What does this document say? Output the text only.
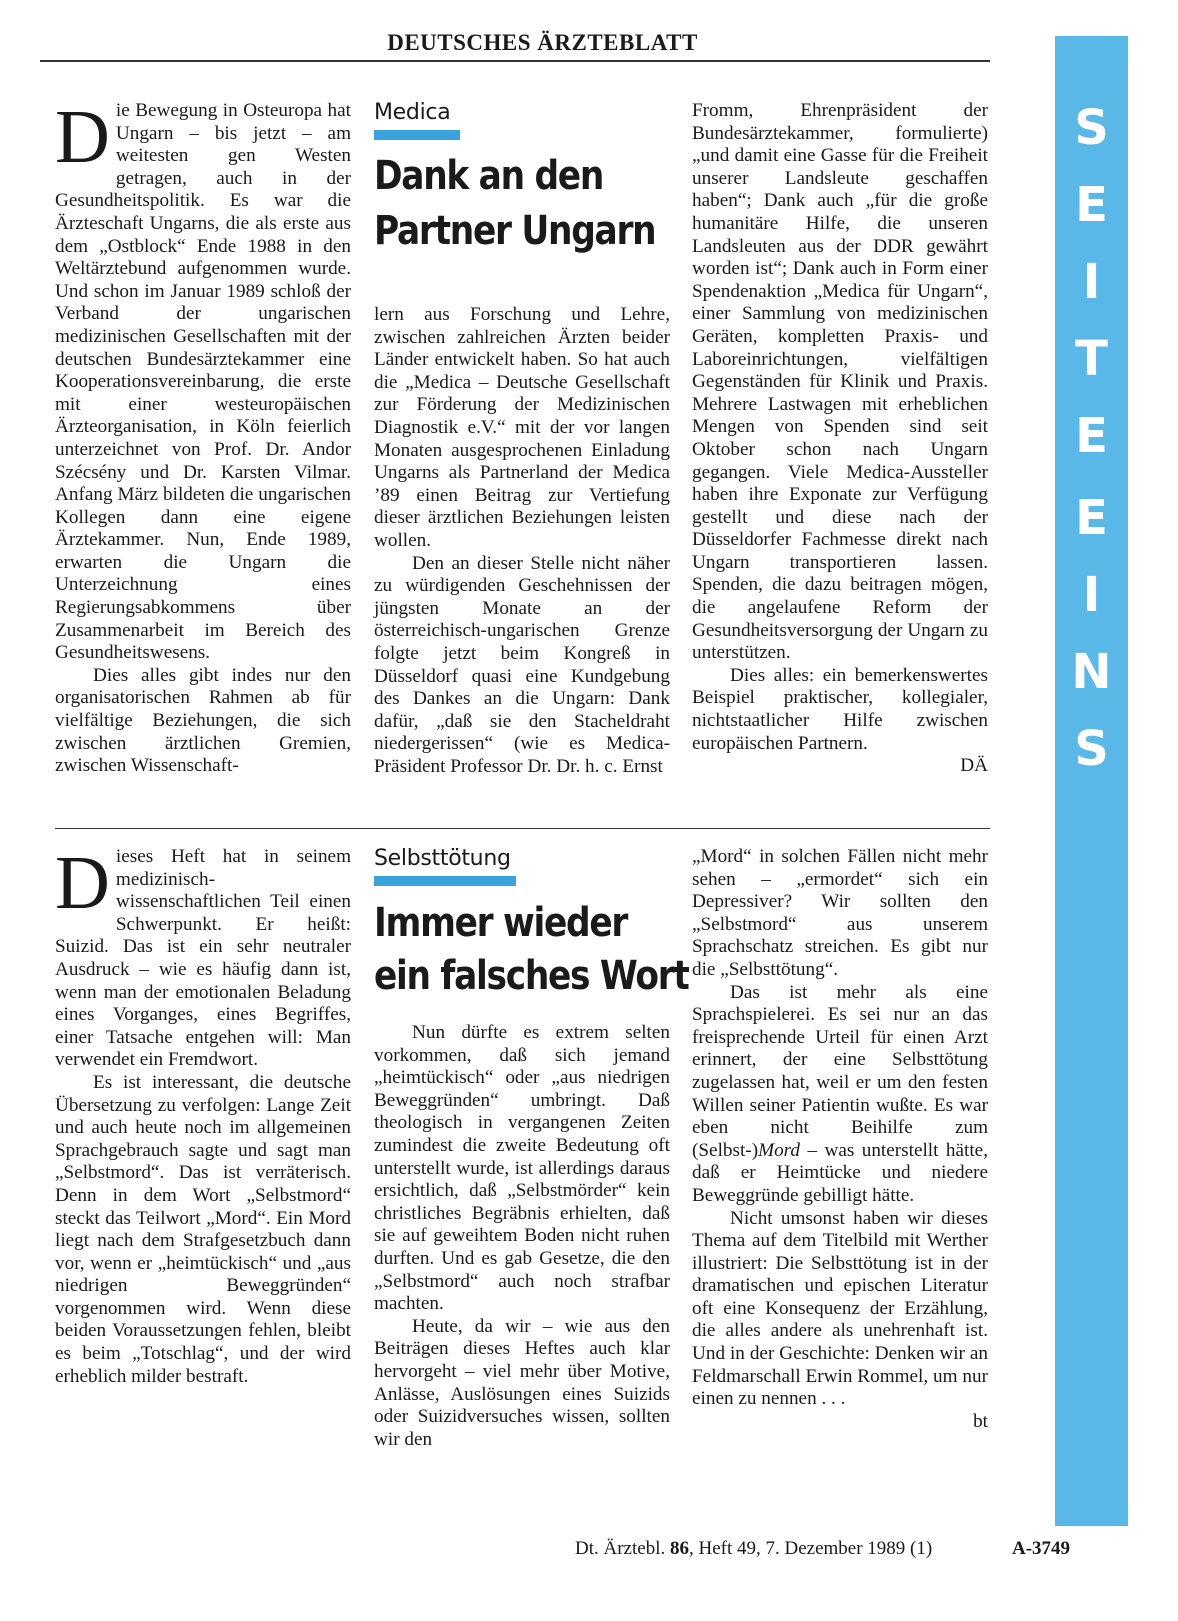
DEUTSCHES ÄRZTEBLATT
S
E
I
T
E
E
I
N
S

Die Bewegung in Osteuropa hat Ungarn – bis jetzt – am weitesten gen Westen getragen, auch in der Gesundheitspolitik. Es war die Ärzteschaft Ungarns, die als erste aus dem „Ostblock“ Ende 1988 in den Weltärztebund aufgenommen wurde. Und schon im Januar 1989 schloß der Verband der ungarischen medizinischen Gesellschaften mit der deutschen Bundesärztekammer eine Kooperationsvereinbarung, die erste mit einer westeuropäischen Ärzteorganisation, in Köln feierlich unterzeichnet von Prof. Dr. Andor Szécsény und Dr. Karsten Vilmar. Anfang März bildeten die ungarischen Kollegen dann eine eigene Ärztekammer. Nun, Ende 1989, erwarten die Ungarn die Unterzeichnung eines Regierungsabkommens über Zusammenarbeit im Bereich des Gesundheitswesens.

Dies alles gibt indes nur den organisatorischen Rahmen ab für vielfältige Beziehungen, die sich zwischen ärztlichen Gremien, zwischen Wissenschaft-

Medica
Dank an den
Partner Ungarn

lern aus Forschung und Lehre, zwischen zahlreichen Ärzten beider Länder entwickelt haben. So hat auch die „Medica – Deutsche Gesellschaft zur Förderung der Medizinischen Diagnostik e.V.“ mit der vor langen Monaten ausgesprochenen Einladung Ungarns als Partnerland der Medica ’89 einen Beitrag zur Vertiefung dieser ärztlichen Beziehungen leisten wollen.

Den an dieser Stelle nicht näher zu würdigenden Geschehnissen der jüngsten Monate an der österreichisch-ungarischen Grenze folgte jetzt beim Kongreß in Düsseldorf quasi eine Kundgebung des Dankes an die Ungarn: Dank dafür, „daß sie den Stacheldraht niedergerissen“ (wie es Medica-Präsident Professor Dr. Dr. h. c. Ernst

Fromm, Ehrenpräsident der Bundesärztekammer, formulierte) „und damit eine Gasse für die Freiheit unserer Landsleute geschaffen haben“; Dank auch „für die große humanitäre Hilfe, die unseren Landsleuten aus der DDR gewährt worden ist“; Dank auch in Form einer Spendenaktion „Medica für Ungarn“, einer Sammlung von medizinischen Geräten, kompletten Praxis- und Laboreinrichtungen, vielfältigen Gegenständen für Klinik und Praxis. Mehrere Lastwagen mit erheblichen Mengen von Spenden sind seit Oktober schon nach Ungarn gegangen. Viele Medica-Aussteller haben ihre Exponate zur Verfügung gestellt und diese nach der Düsseldorfer Fachmesse direkt nach Ungarn transportieren lassen. Spenden, die dazu beitragen mögen, die angelaufene Reform der Gesundheitsversorgung der Ungarn zu unterstützen.

Dies alles: ein bemerkenswertes Beispiel praktischer, kollegialer, nichtstaatlicher Hilfe zwischen europäischen Partnern.

DÄ

Dieses Heft hat in seinem medizinisch-wissenschaftlichen Teil einen Schwerpunkt. Er heißt: Suizid. Das ist ein sehr neutraler Ausdruck – wie es häufig dann ist, wenn man der emotionalen Beladung eines Vorganges, eines Begriffes, einer Tatsache entgehen will: Man verwendet ein Fremdwort.

Es ist interessant, die deutsche Übersetzung zu verfolgen: Lange Zeit und auch heute noch im allgemeinen Sprachgebrauch sagte und sagt man „Selbstmord“. Das ist verräterisch. Denn in dem Wort „Selbstmord“ steckt das Teilwort „Mord“. Ein Mord liegt nach dem Strafgesetzbuch dann vor, wenn er „heimtückisch“ und „aus niedrigen Beweggründen“ vorgenommen wird. Wenn diese beiden Voraussetzungen fehlen, bleibt es beim „Totschlag“, und der wird erheblich milder bestraft.

Selbsttötung
Immer wieder
ein falsches Wort

Nun dürfte es extrem selten vorkommen, daß sich jemand „heimtückisch“ oder „aus niedrigen Beweggründen“ umbringt. Daß theologisch in vergangenen Zeiten zumindest die zweite Bedeutung oft unterstellt wurde, ist allerdings daraus ersichtlich, daß „Selbstmörder“ kein christliches Begräbnis erhielten, daß sie auf geweihtem Boden nicht ruhen durften. Und es gab Gesetze, die den „Selbstmord“ auch noch strafbar machten.

Heute, da wir – wie aus den Beiträgen dieses Heftes auch klar hervorgeht – viel mehr über Motive, Anlässe, Auslösungen eines Suizids oder Suizidversuches wissen, sollten wir den

„Mord“ in solchen Fällen nicht mehr sehen – „ermordet“ sich ein Depressiver? Wir sollten den „Selbstmord“ aus unserem Sprachschatz streichen. Es gibt nur die „Selbsttötung“.

Das ist mehr als eine Sprachspielerei. Es sei nur an das freisprechende Urteil für einen Arzt erinnert, der eine Selbsttötung zugelassen hat, weil er um den festen Willen seiner Patientin wußte. Es war eben nicht Beihilfe zum (Selbst-)Mord – was unterstellt hätte, daß er Heimtücke und niedere Beweggründe gebilligt hätte.

Nicht umsonst haben wir dieses Thema auf dem Titelbild mit Werther illustriert: Die Selbsttötung ist in der dramatischen und epischen Literatur oft eine Konsequenz der Erzählung, die alles andere als unehrenhaft ist. Und in der Geschichte: Denken wir an Feldmarschall Erwin Rommel, um nur einen zu nennen . . .

bt
Dt. Ärztebl. 86, Heft 49, 7. Dezember 1989 (1)	A-3749
